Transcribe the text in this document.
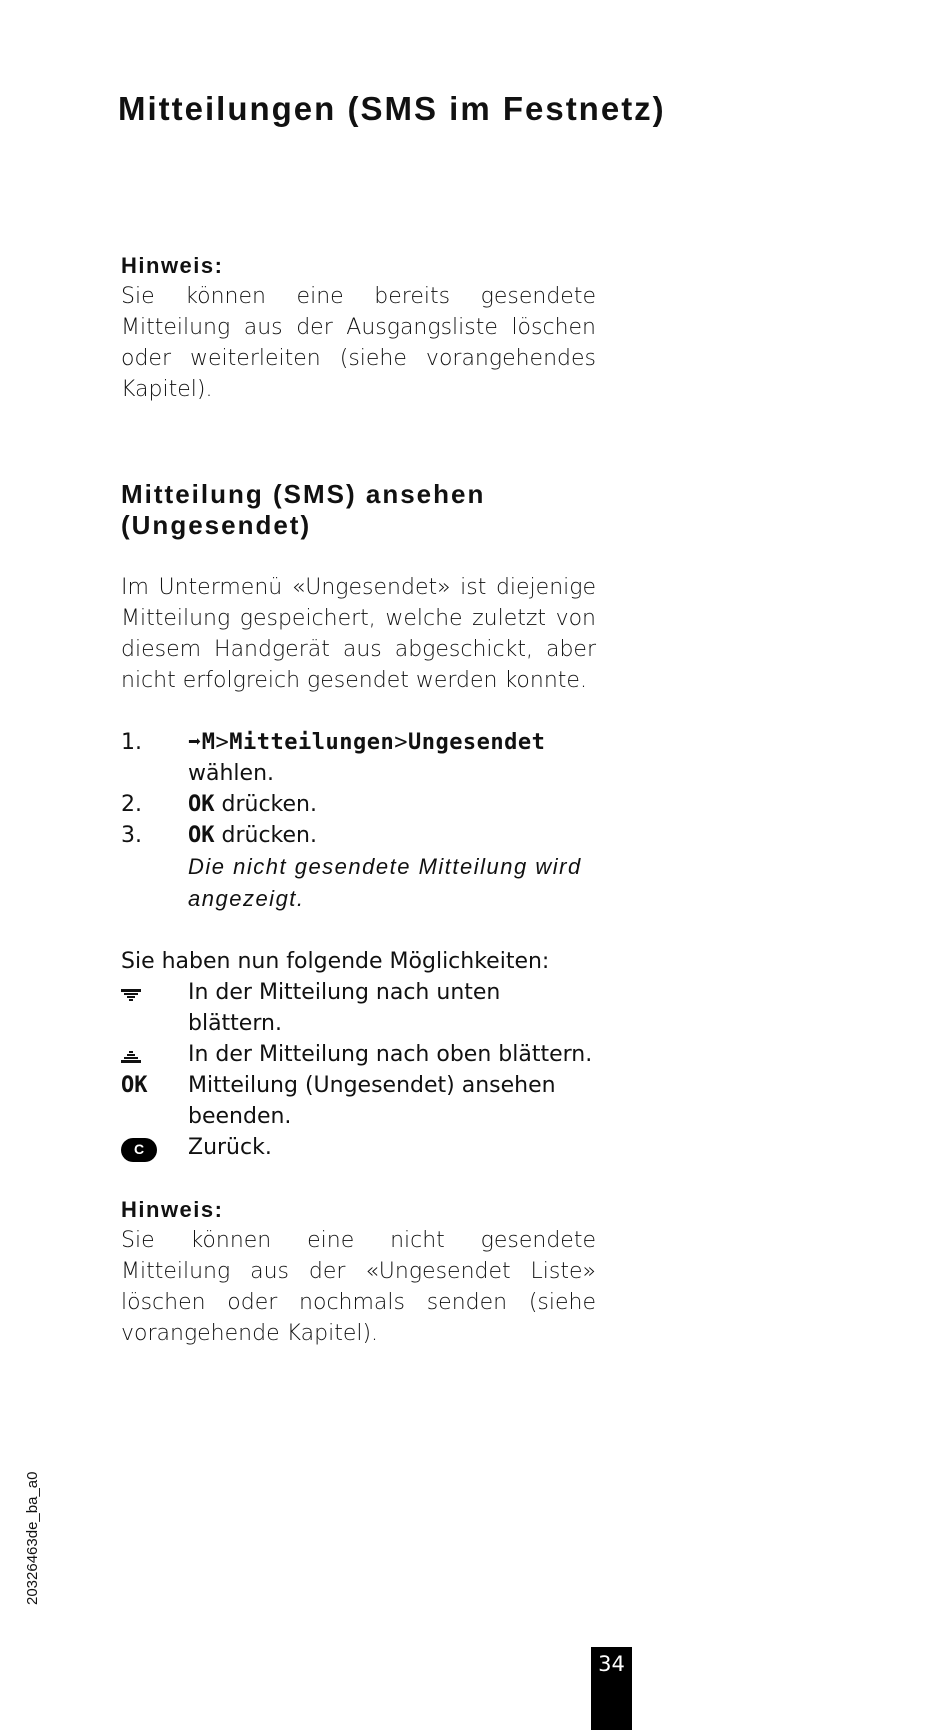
Mitteilungen (SMS im Festnetz)
Hinweis:

Sie können eine bereits gesendete Mitteilung aus der Ausgangsliste löschen oder weiterleiten (siehe vorangehendes Kapitel).

Mitteilung (SMS) ansehen
(Ungesendet)

Im Untermenü «Ungesendet» ist diejenige Mitteilung gespeichert, welche zuletzt von diesem Handgerät aus abgeschickt, aber nicht erfolgreich gesendet werden konnte.

1.	➡M>Mitteilungen>Ungesendet
wählen.
2.	OK drücken.
3.	OK drücken.
Die nicht gesendete Mitteilung wird angezeigt.
Sie haben nun folgende Möglichkeiten:
In der Mitteilung nach unten blättern.
In der Mitteilung nach oben blättern.
OK	Mitteilung (Ungesendet) ansehen beenden.
C	Zurück.
Hinweis:

Sie können eine nicht gesendete Mitteilung aus der «Ungesendet Liste» löschen oder nochmals senden (siehe vorangehende Kapitel).

20326463de_ba_a0
34
